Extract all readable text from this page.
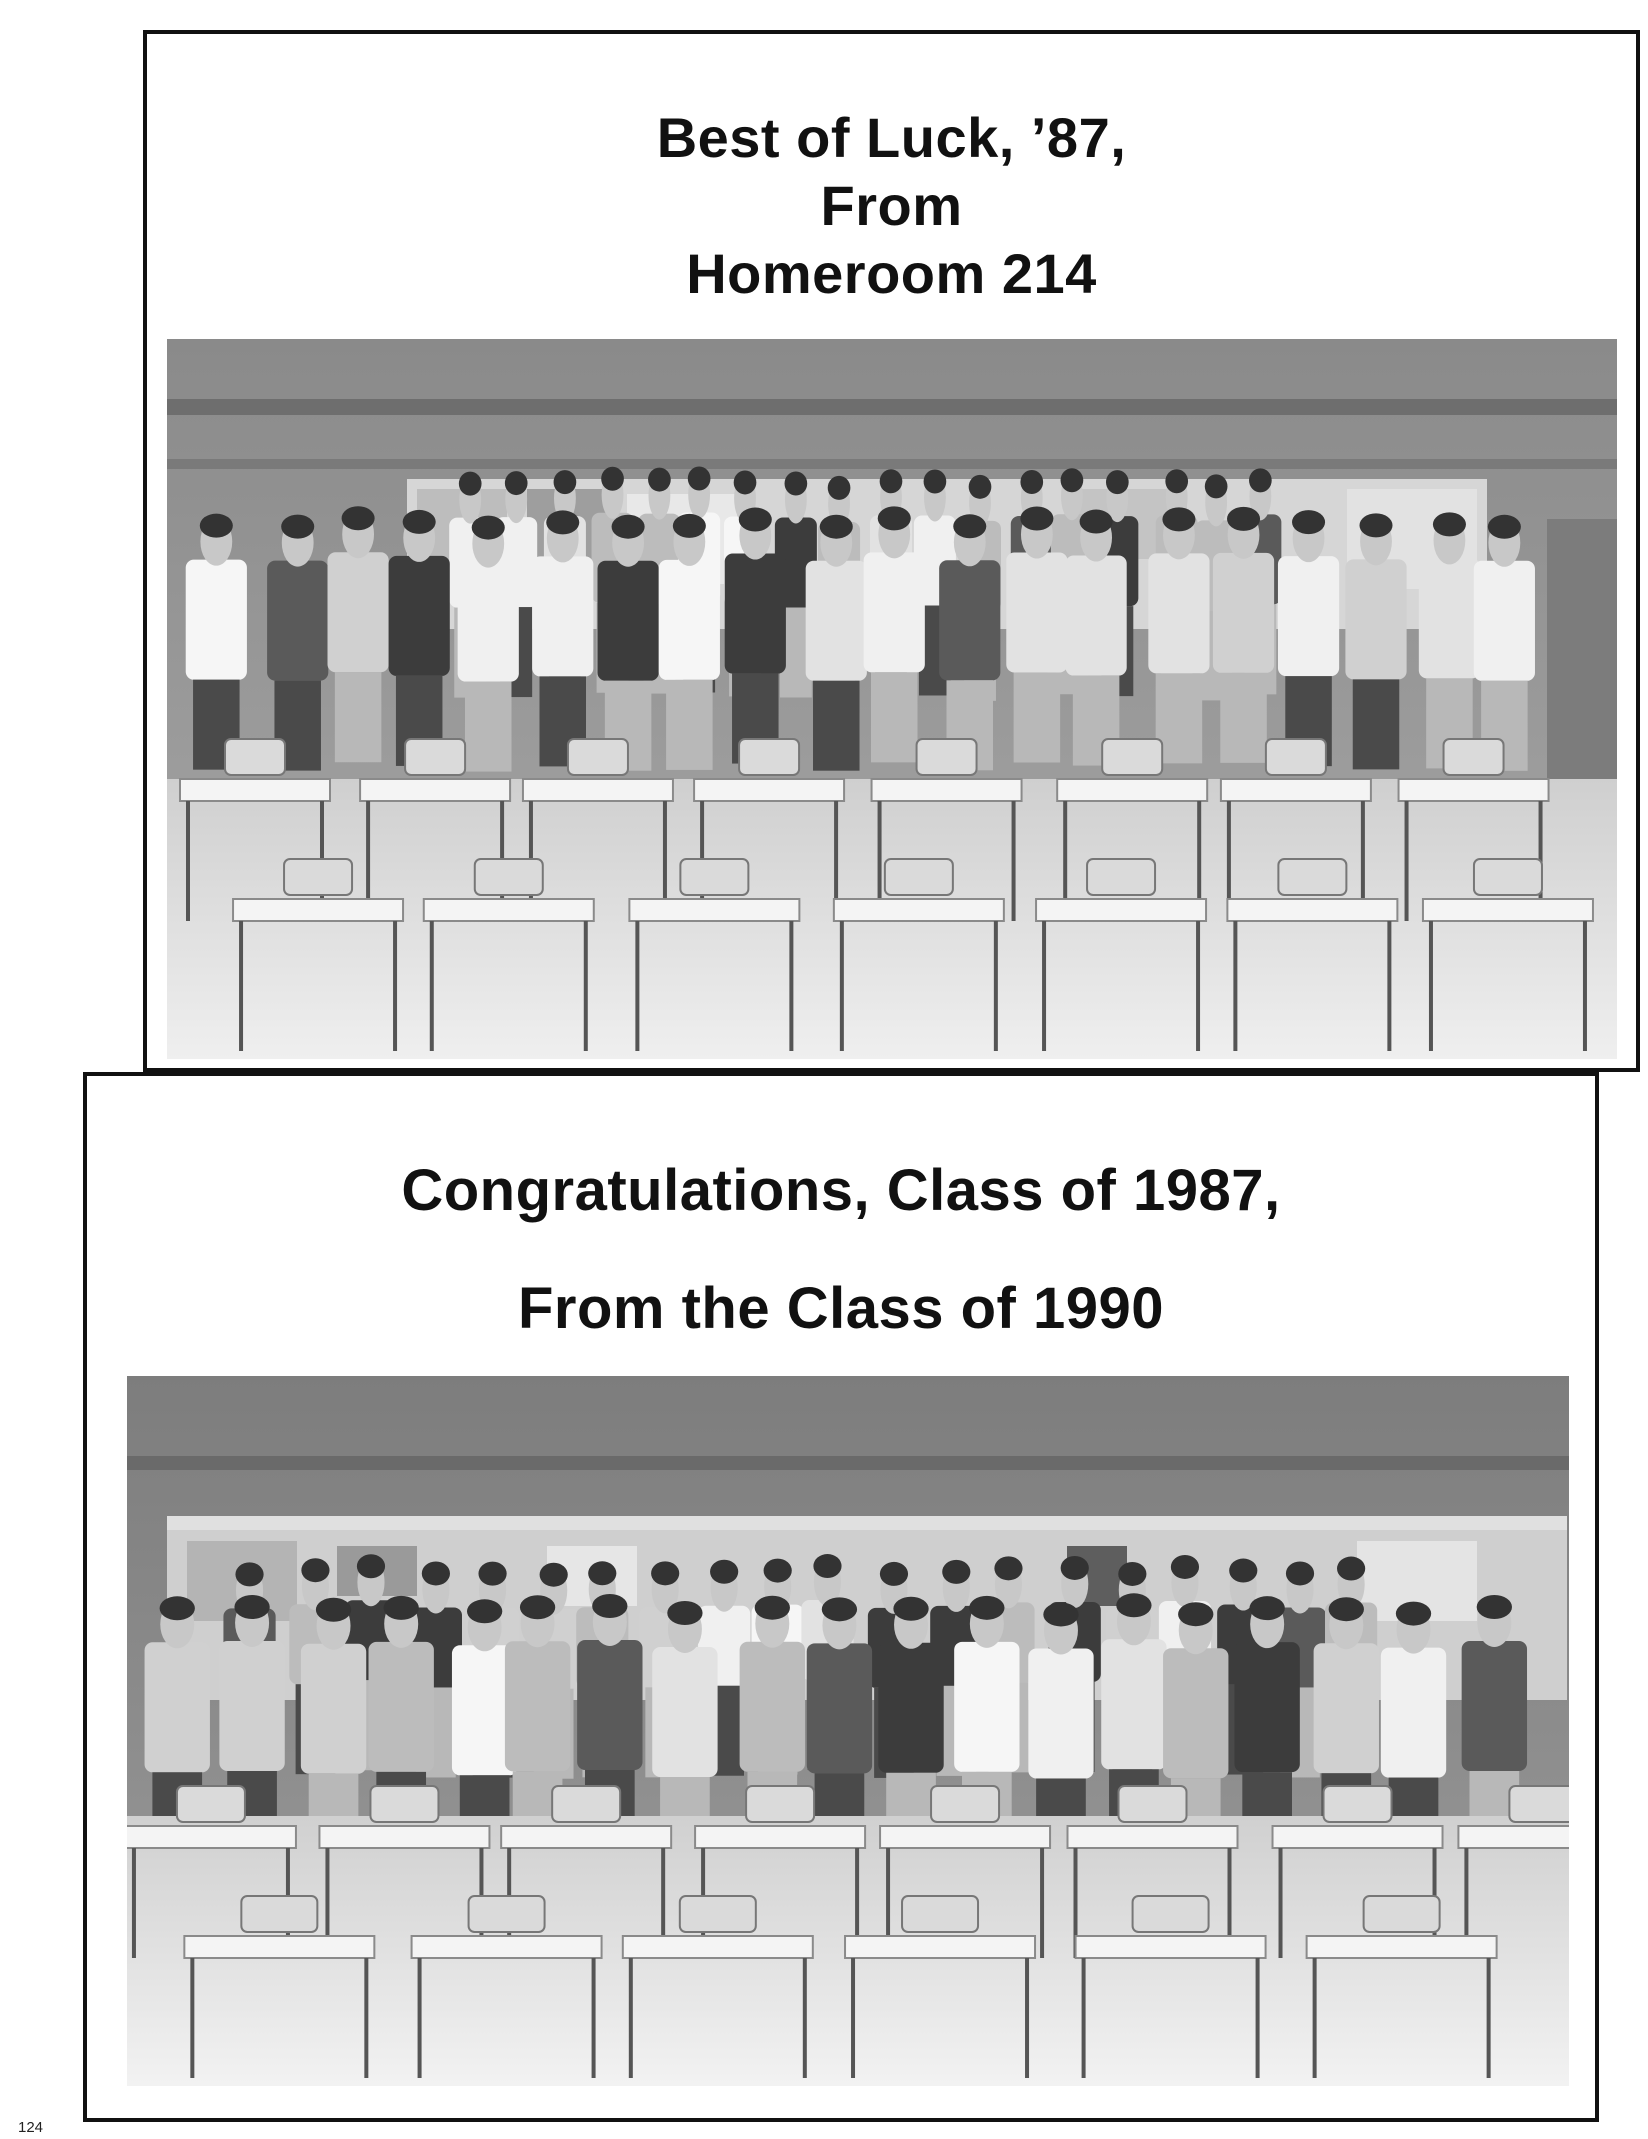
Best of Luck, ’87,
From
Homeroom 214
Congratulations, Class of 1987,
From the Class of 1990
124
